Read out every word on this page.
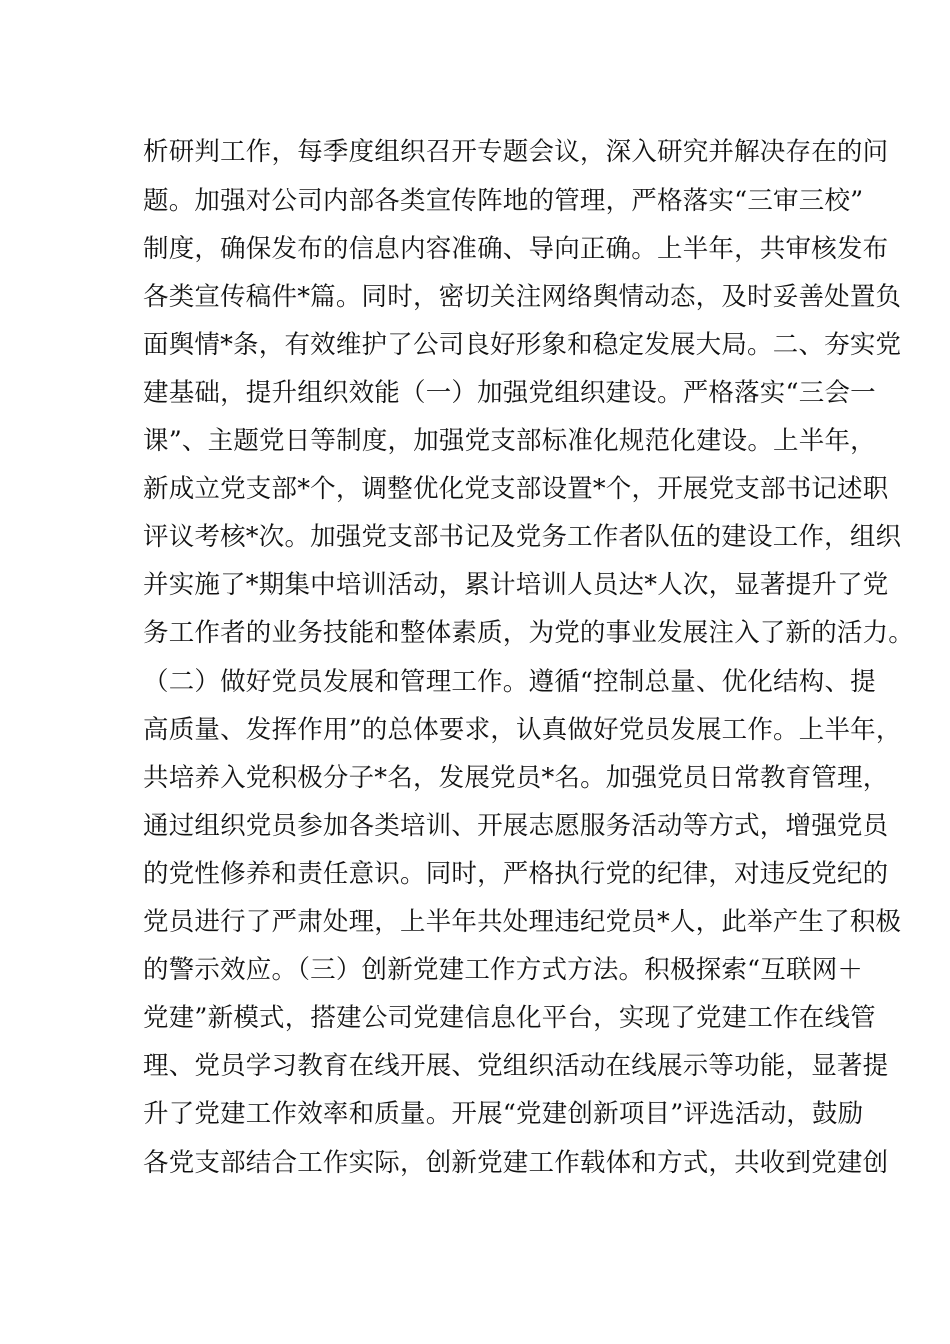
析研判工作，每季度组织召开专题会议，深入研究并解决存在的问
题。加强对公司内部各类宣传阵地的管理，严格落实“三审三校”
制度，确保发布的信息内容准确、导向正确。上半年，共审核发布
各类宣传稿件*篇。同时，密切关注网络舆情动态，及时妥善处置负
面舆情*条，有效维护了公司良好形象和稳定发展大局。二、夯实党
建基础，提升组织效能（一）加强党组织建设。严格落实“三会一
课”、主题党日等制度，加强党支部标准化规范化建设。上半年，
新成立党支部*个，调整优化党支部设置*个，开展党支部书记述职
评议考核*次。加强党支部书记及党务工作者队伍的建设工作，组织
并实施了*期集中培训活动，累计培训人员达*人次，显著提升了党
务工作者的业务技能和整体素质，为党的事业发展注入了新的活力。
（二）做好党员发展和管理工作。遵循“控制总量、优化结构、提
高质量、发挥作用”的总体要求，认真做好党员发展工作。上半年，
共培养入党积极分子*名，发展党员*名。加强党员日常教育管理，
通过组织党员参加各类培训、开展志愿服务活动等方式，增强党员
的党性修养和责任意识。同时，严格执行党的纪律，对违反党纪的
党员进行了严肃处理，上半年共处理违纪党员*人，此举产生了积极
的警示效应。（三）创新党建工作方式方法。积极探索“互联网＋
党建”新模式，搭建公司党建信息化平台，实现了党建工作在线管
理、党员学习教育在线开展、党组织活动在线展示等功能，显著提
升了党建工作效率和质量。开展“党建创新项目”评选活动，鼓励
各党支部结合工作实际，创新党建工作载体和方式，共收到党建创
